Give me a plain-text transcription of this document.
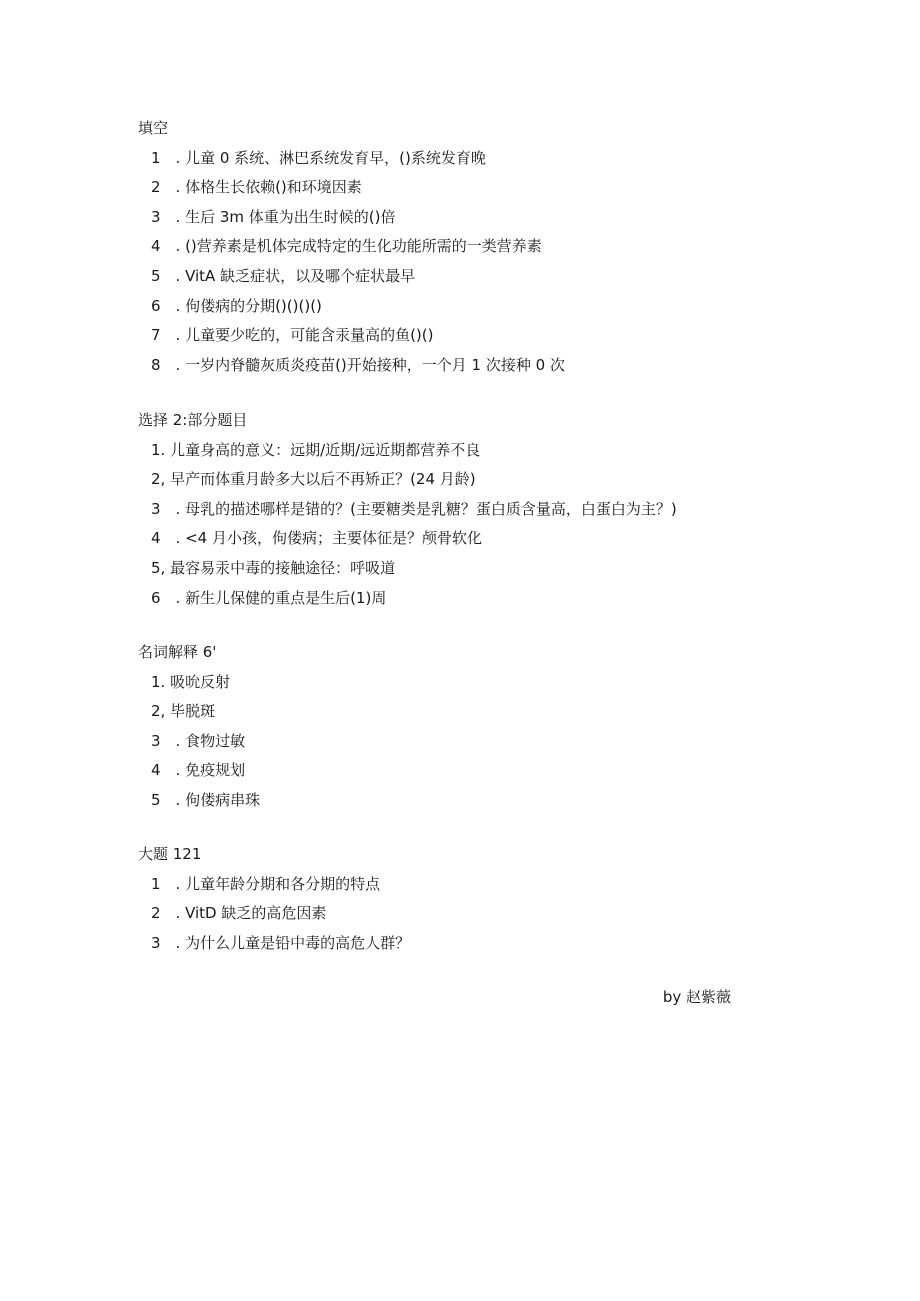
填空
1　. 儿童 0 系统、淋巴系统发育早，()系统发育晚
2　. 体格生长依赖()和环境因素
3　. 生后 3m 体重为出生时候的()倍
4　. ()营养素是机体完成特定的生化功能所需的一类营养素
5　. VitA 缺乏症状，以及哪个症状最早
6　. 佝偻病的分期()()()()
7　. 儿童要少吃的，可能含汞量高的鱼()()
8　. 一岁内脊髓灰质炎疫苗()开始接种，一个月 1 次接种 0 次
选择 2:部分题目
1. 儿童身高的意义：远期/近期/远近期都营养不良
2, 早产而体重月龄多大以后不再矫正？(24 月龄)
3　. 母乳的描述哪样是错的？(主要糖类是乳糖？蛋白质含量高，白蛋白为主？)
4　. <4 月小孩，佝偻病；主要体征是？颅骨软化
5, 最容易汞中毒的接触途径：呼吸道
6　. 新生儿保健的重点是生后(1)周
名词解释 6'
1. 吸吮反射
2, 毕脱斑
3　. 食物过敏
4　. 免疫规划
5　. 佝偻病串珠
大题 121
1　. 儿童年龄分期和各分期的特点
2　. VitD 缺乏的高危因素
3　. 为什么儿童是铅中毒的高危人群？
by 赵紫薇
